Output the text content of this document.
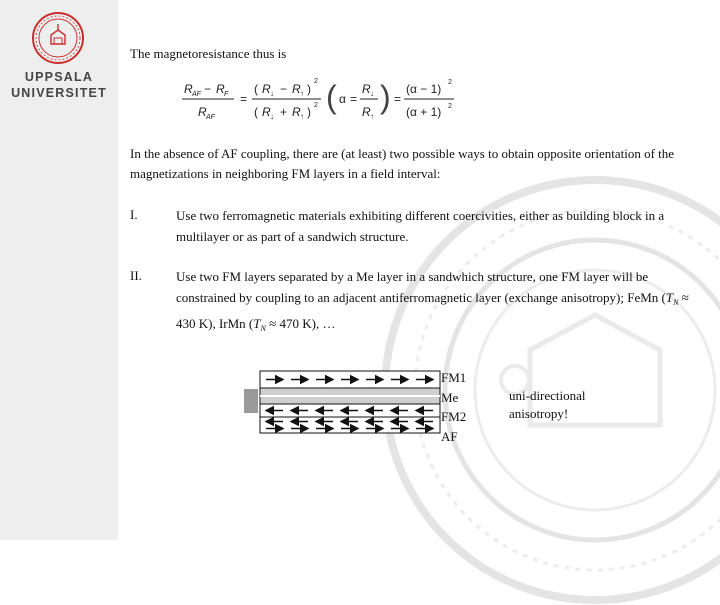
UPPSALA
UNIVERSITET
The magnetoresistance thus is
R AF − R F
R AF
=
( R ↓ − R ↑ )
2
( R ↓ + R ↑ ) 2 ( α =
R ↓
R ↑
) =
(α − 1) 2
(α + 1) 2
In the absence of AF coupling, there are (at least) two possible ways to obtain opposite orientation of the magnetizations in neighboring FM layers in a field interval:
I.	Use two ferromagnetic materials exhibiting different coercivities, either as building block in a multilayer or as part of a sandwich structure.
II.	Use two FM layers separated by a Me layer in a sandwhich structure, one FM layer will be constrained by coupling to an adjacent antiferromagnetic layer (exchange anisotropy); FeMn ($T_N \approx 430$ K), IrMn ($T_N \approx 470$ K), …
FM1
Me
FM2
AF
uni-directional anisotropy!
